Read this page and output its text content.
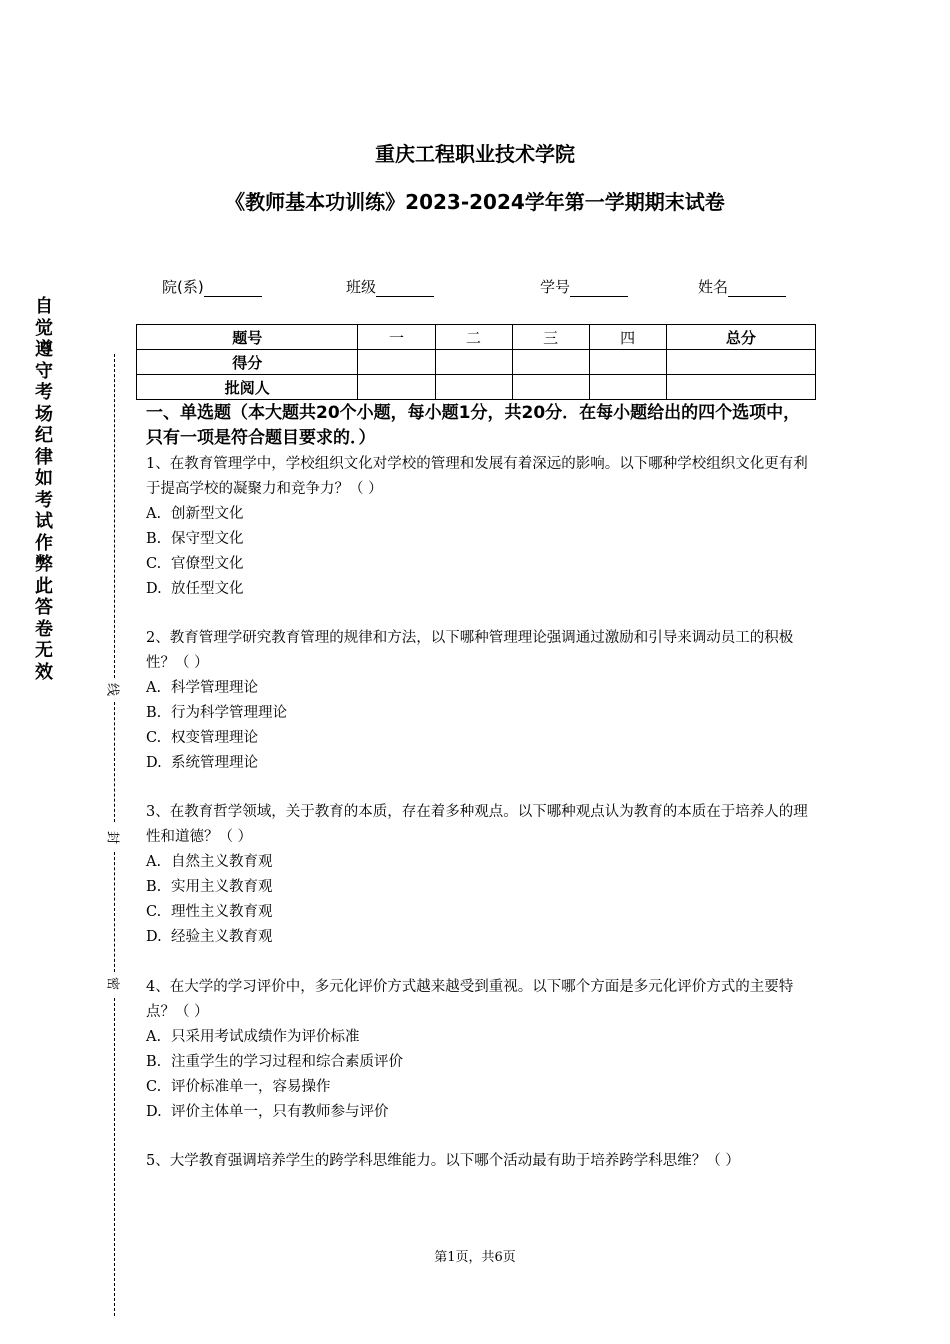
重庆工程职业技术学院
《教师基本功训练》2023-2024学年第一学期期末试卷
院(系)	班级	学号	姓名
题号	一	二	三	四	总分
得分					
批阅人					
自
觉
遵
守
考
场
纪
律
如
考
试
作
弊
此
答
卷
无
效
线
封
密
一、单选题（本大题共20个小题，每小题1分，共20分．在每小题给出的四个选项中，只有一项是符合题目要求的．）
1、在教育管理学中，学校组织文化对学校的管理和发展有着深远的影响。以下哪种学校组织文化更有利于提高学校的凝聚力和竞争力？（ ）
A. 创新型文化
B. 保守型文化
C. 官僚型文化
D. 放任型文化
2、教育管理学研究教育管理的规律和方法，以下哪种管理理论强调通过激励和引导来调动员工的积极性？（ ）
A. 科学管理理论
B. 行为科学管理理论
C. 权变管理理论
D. 系统管理理论
3、在教育哲学领域，关于教育的本质，存在着多种观点。以下哪种观点认为教育的本质在于培养人的理性和道德？（ ）
A. 自然主义教育观
B. 实用主义教育观
C. 理性主义教育观
D. 经验主义教育观
4、在大学的学习评价中，多元化评价方式越来越受到重视。以下哪个方面是多元化评价方式的主要特点？（ ）
A. 只采用考试成绩作为评价标准
B. 注重学生的学习过程和综合素质评价
C. 评价标准单一，容易操作
D. 评价主体单一，只有教师参与评价
5、大学教育强调培养学生的跨学科思维能力。以下哪个活动最有助于培养跨学科思维？（ ）
第1页，共6页
